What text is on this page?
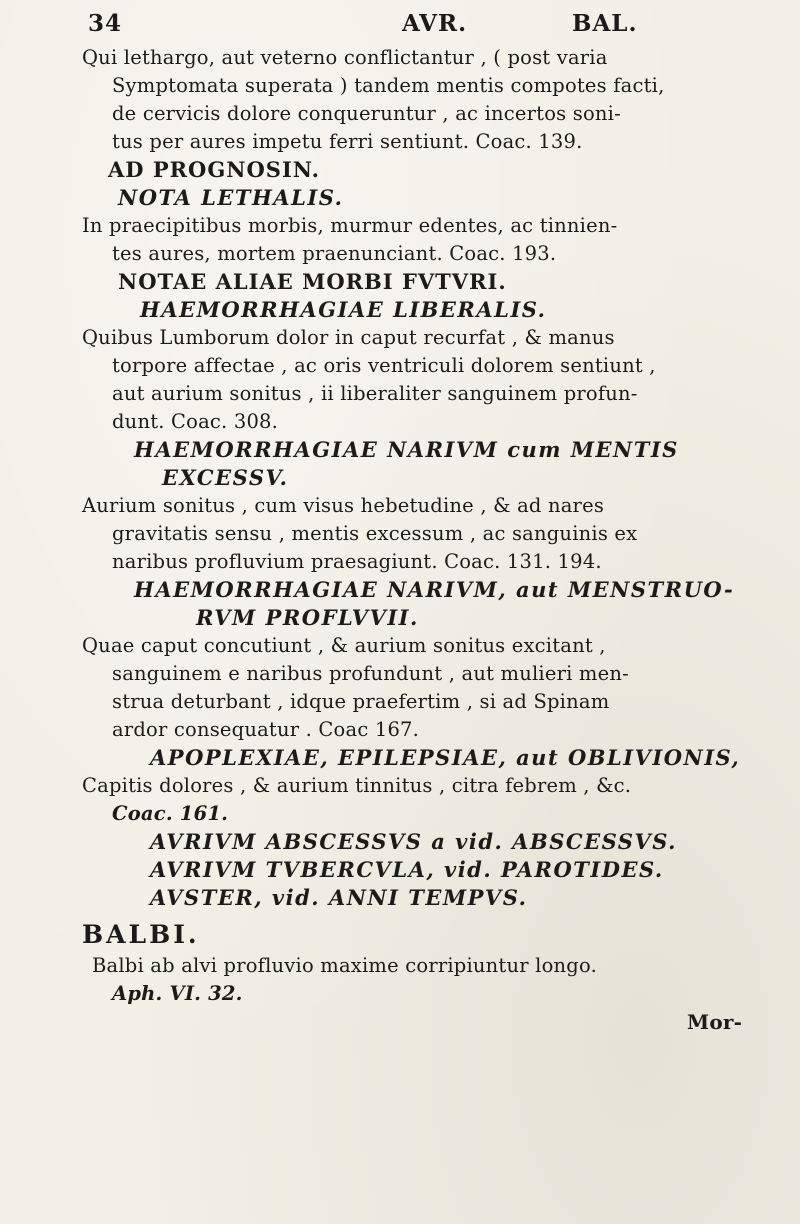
34	AVR.	BAL.
Qui lethargo, aut veterno conflictantur , ( post varia
Symptomata superata ) tandem mentis compotes facti,
de cervicis dolore conqueruntur , ac incertos soni-
tus per aures impetu ferri sentiunt. Coac. 139.
AD PROGNOSIN.
NOTA LETHALIS.
In praecipitibus morbis, murmur edentes, ac tinnien-
tes aures, mortem praenunciant. Coac. 193.
NOTAE ALIAE MORBI FVTVRI.
HAEMORRHAGIAE LIBERALIS.
Quibus Lumborum dolor in caput recurfat , & manus
torpore affectae , ac oris ventriculi dolorem sentiunt ,
aut aurium sonitus , ii liberaliter sanguinem profun-
dunt. Coac. 308.
HAEMORRHAGIAE NARIVM cum MENTIS
EXCESSV.
Aurium sonitus , cum visus hebetudine , & ad nares
gravitatis sensu , mentis excessum , ac sanguinis ex
naribus profluvium praesagiunt. Coac. 131. 194.
HAEMORRHAGIAE NARIVM, aut MENSTRUO-
RVM PROFLVVII.
Quae caput concutiunt , & aurium sonitus excitant ,
sanguinem e naribus profundunt , aut mulieri men-
strua deturbant , idque praefertim , si ad Spinam
ardor consequatur . Coac 167.
APOPLEXIAE, EPILEPSIAE, aut OBLIVIONIS,
Capitis dolores , & aurium tinnitus , citra febrem , &c.
Coac. 161.
AVRIVM ABSCESSVS a vid. ABSCESSVS.
AVRIVM TVBERCVLA, vid. PAROTIDES.
AVSTER, vid. ANNI TEMPVS.
BALBI.
Balbi ab alvi profluvio maxime corripiuntur longo.
Aph. VI. 32.
Mor-
